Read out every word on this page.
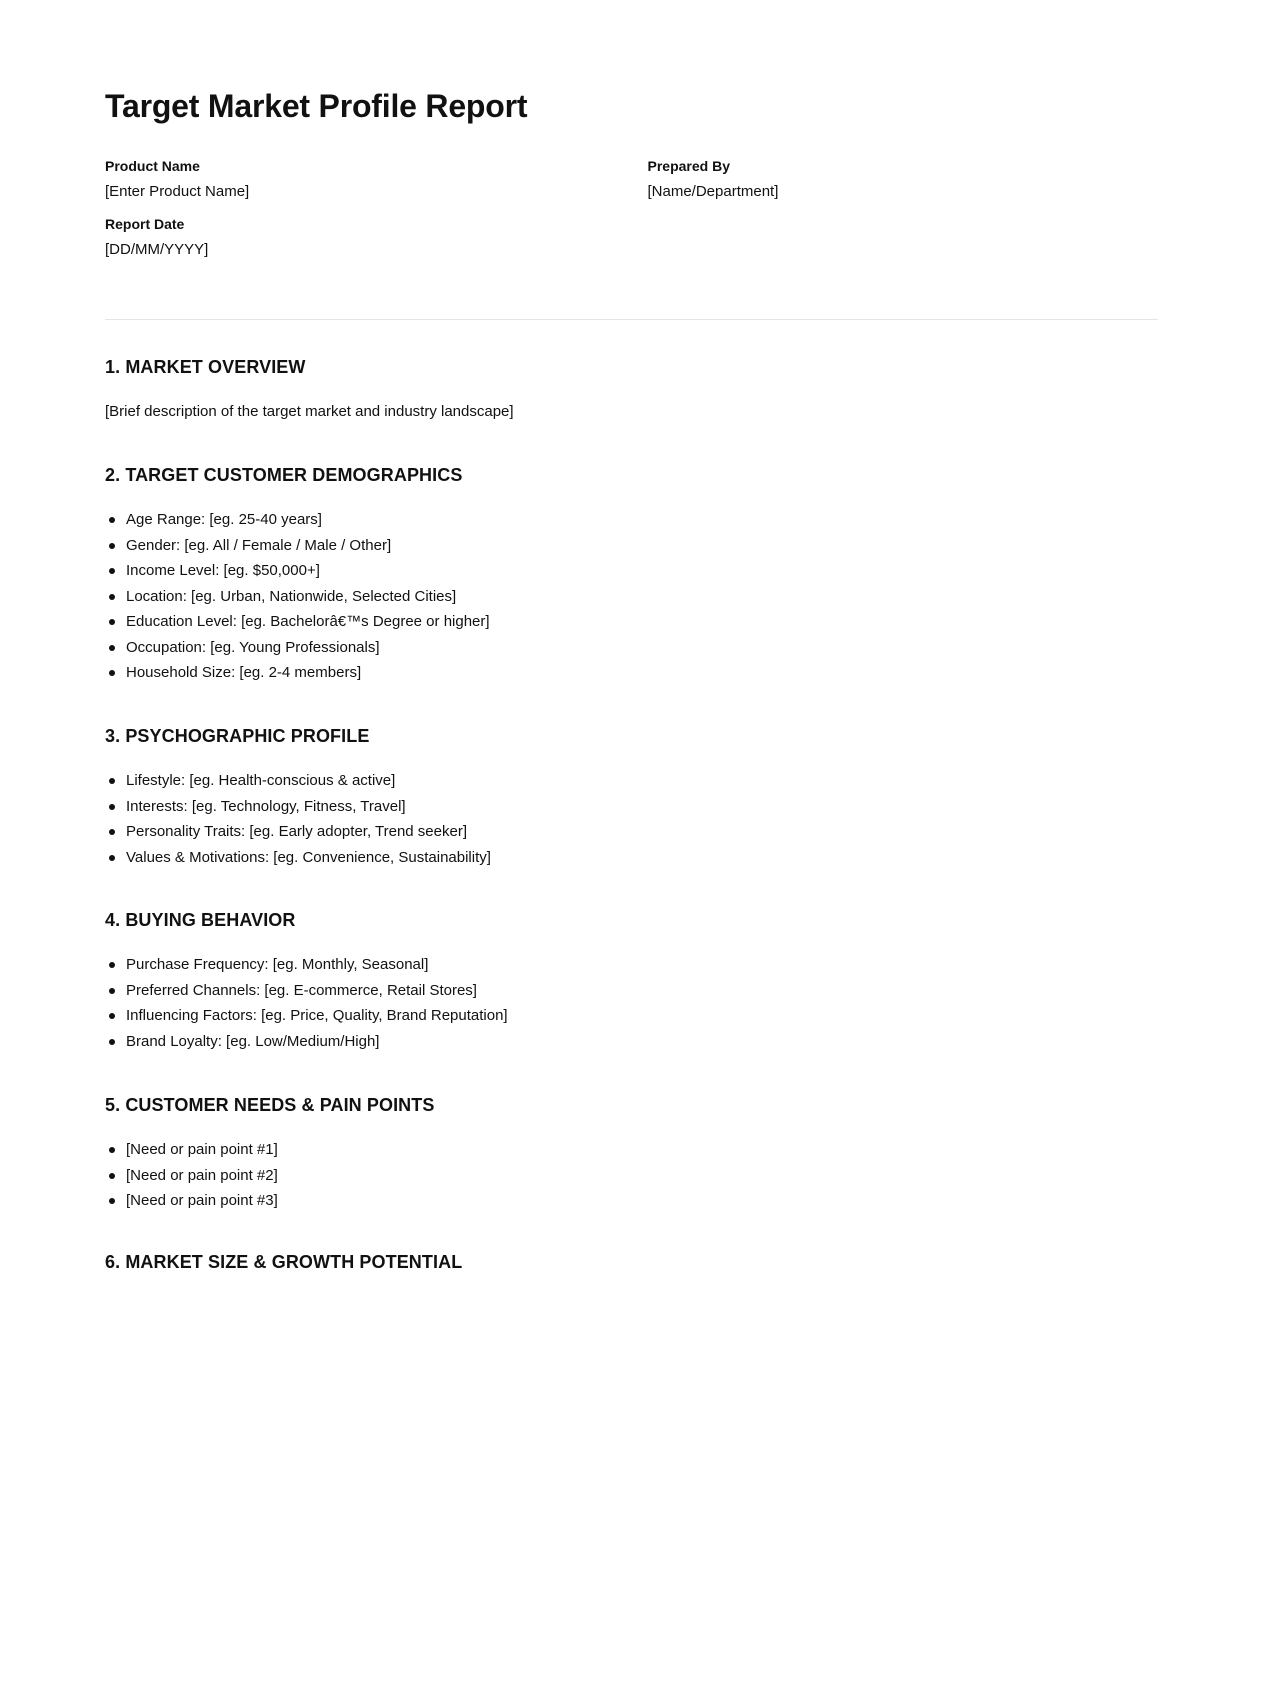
Target Market Profile Report
Product Name
[Enter Product Name]
Prepared By
[Name/Department]
Report Date
[DD/MM/YYYY]
1. MARKET OVERVIEW

[Brief description of the target market and industry landscape]

2. TARGET CUSTOMER DEMOGRAPHICS
Age Range: [eg. 25-40 years]
Gender: [eg. All / Female / Male / Other]
Income Level: [eg. $50,000+]
Location: [eg. Urban, Nationwide, Selected Cities]
Education Level: [eg. Bachelorâ€™s Degree or higher]
Occupation: [eg. Young Professionals]
Household Size: [eg. 2-4 members]
3. PSYCHOGRAPHIC PROFILE
Lifestyle: [eg. Health-conscious & active]
Interests: [eg. Technology, Fitness, Travel]
Personality Traits: [eg. Early adopter, Trend seeker]
Values & Motivations: [eg. Convenience, Sustainability]
4. BUYING BEHAVIOR
Purchase Frequency: [eg. Monthly, Seasonal]
Preferred Channels: [eg. E-commerce, Retail Stores]
Influencing Factors: [eg. Price, Quality, Brand Reputation]
Brand Loyalty: [eg. Low/Medium/High]
5. CUSTOMER NEEDS & PAIN POINTS
[Need or pain point #1]
[Need or pain point #2]
[Need or pain point #3]
6. MARKET SIZE & GROWTH POTENTIAL
